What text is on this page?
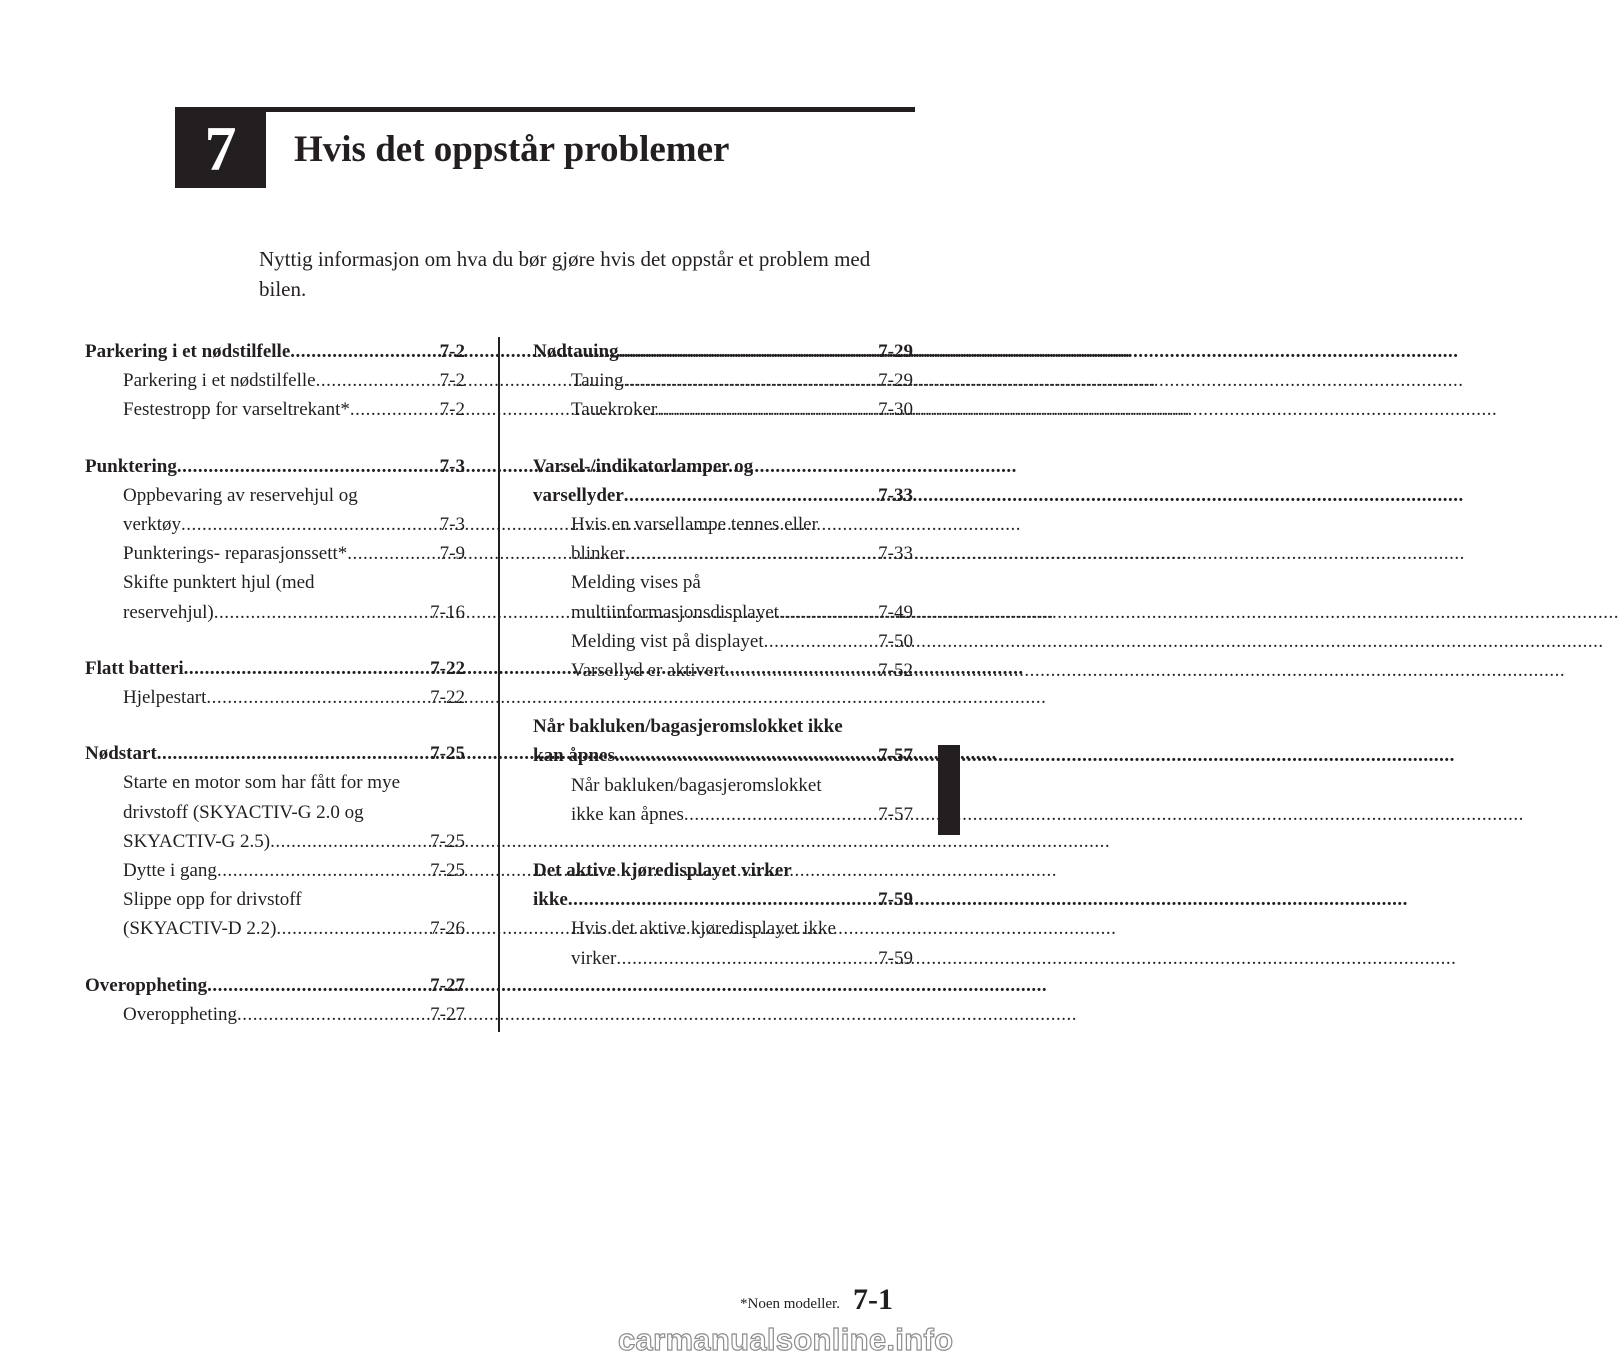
7 Hvis det oppstår problemer
Nyttig informasjon om hva du bør gjøre hvis det oppstår et problem med bilen.
Parkering i et nødstilfelle .....	7-2
Parkering i et nødstilfelle .....	7-2
Festestropp for varseltrekant* .....	7-2
Punktering .....	7-3
Oppbevaring av reservehjul og
verktøy .....	7-3
Punkterings- reparasjonssett* .....	7-9
Skifte punktert hjul (med
reservehjul) .....	7-16
Flatt batteri .....	7-22
Hjelpestart .....	7-22
Nødstart .....	7-25
Starte en motor som har fått for mye
drivstoff (SKYACTIV-G 2.0 og
SKYACTIV-G 2.5) .....	7-25
Dytte i gang .....	7-25
Slippe opp for drivstoff
(SKYACTIV-D 2.2) .....	7-26
Overoppheting .....	7-27
Overoppheting .....	7-27
Nødtauing .....	7-29
Tauing .....	7-29
Tauekroker .....	7-30
Varsel-/indikatorlamper og
varsellyder .....	7-33
Hvis en varsellampe tennes eller
blinker .....	7-33
Melding vises på
multiinformasjonsdisplayet .....	7-49
Melding vist på displayet .....	7-50
Varsellyd er aktivert .....	7-52
Når bakluken/bagasjeromslokket ikke
kan åpnes .....	7-57
Når bakluken/bagasjeromslokket
ikke kan åpnes .....	7-57
Det aktive kjøredisplayet virker
ikke .....	7-59
Hvis det aktive kjøredisplayet ikke
virker .....	7-59
*Noen modeller. 7-1
carmanualsonline.info
